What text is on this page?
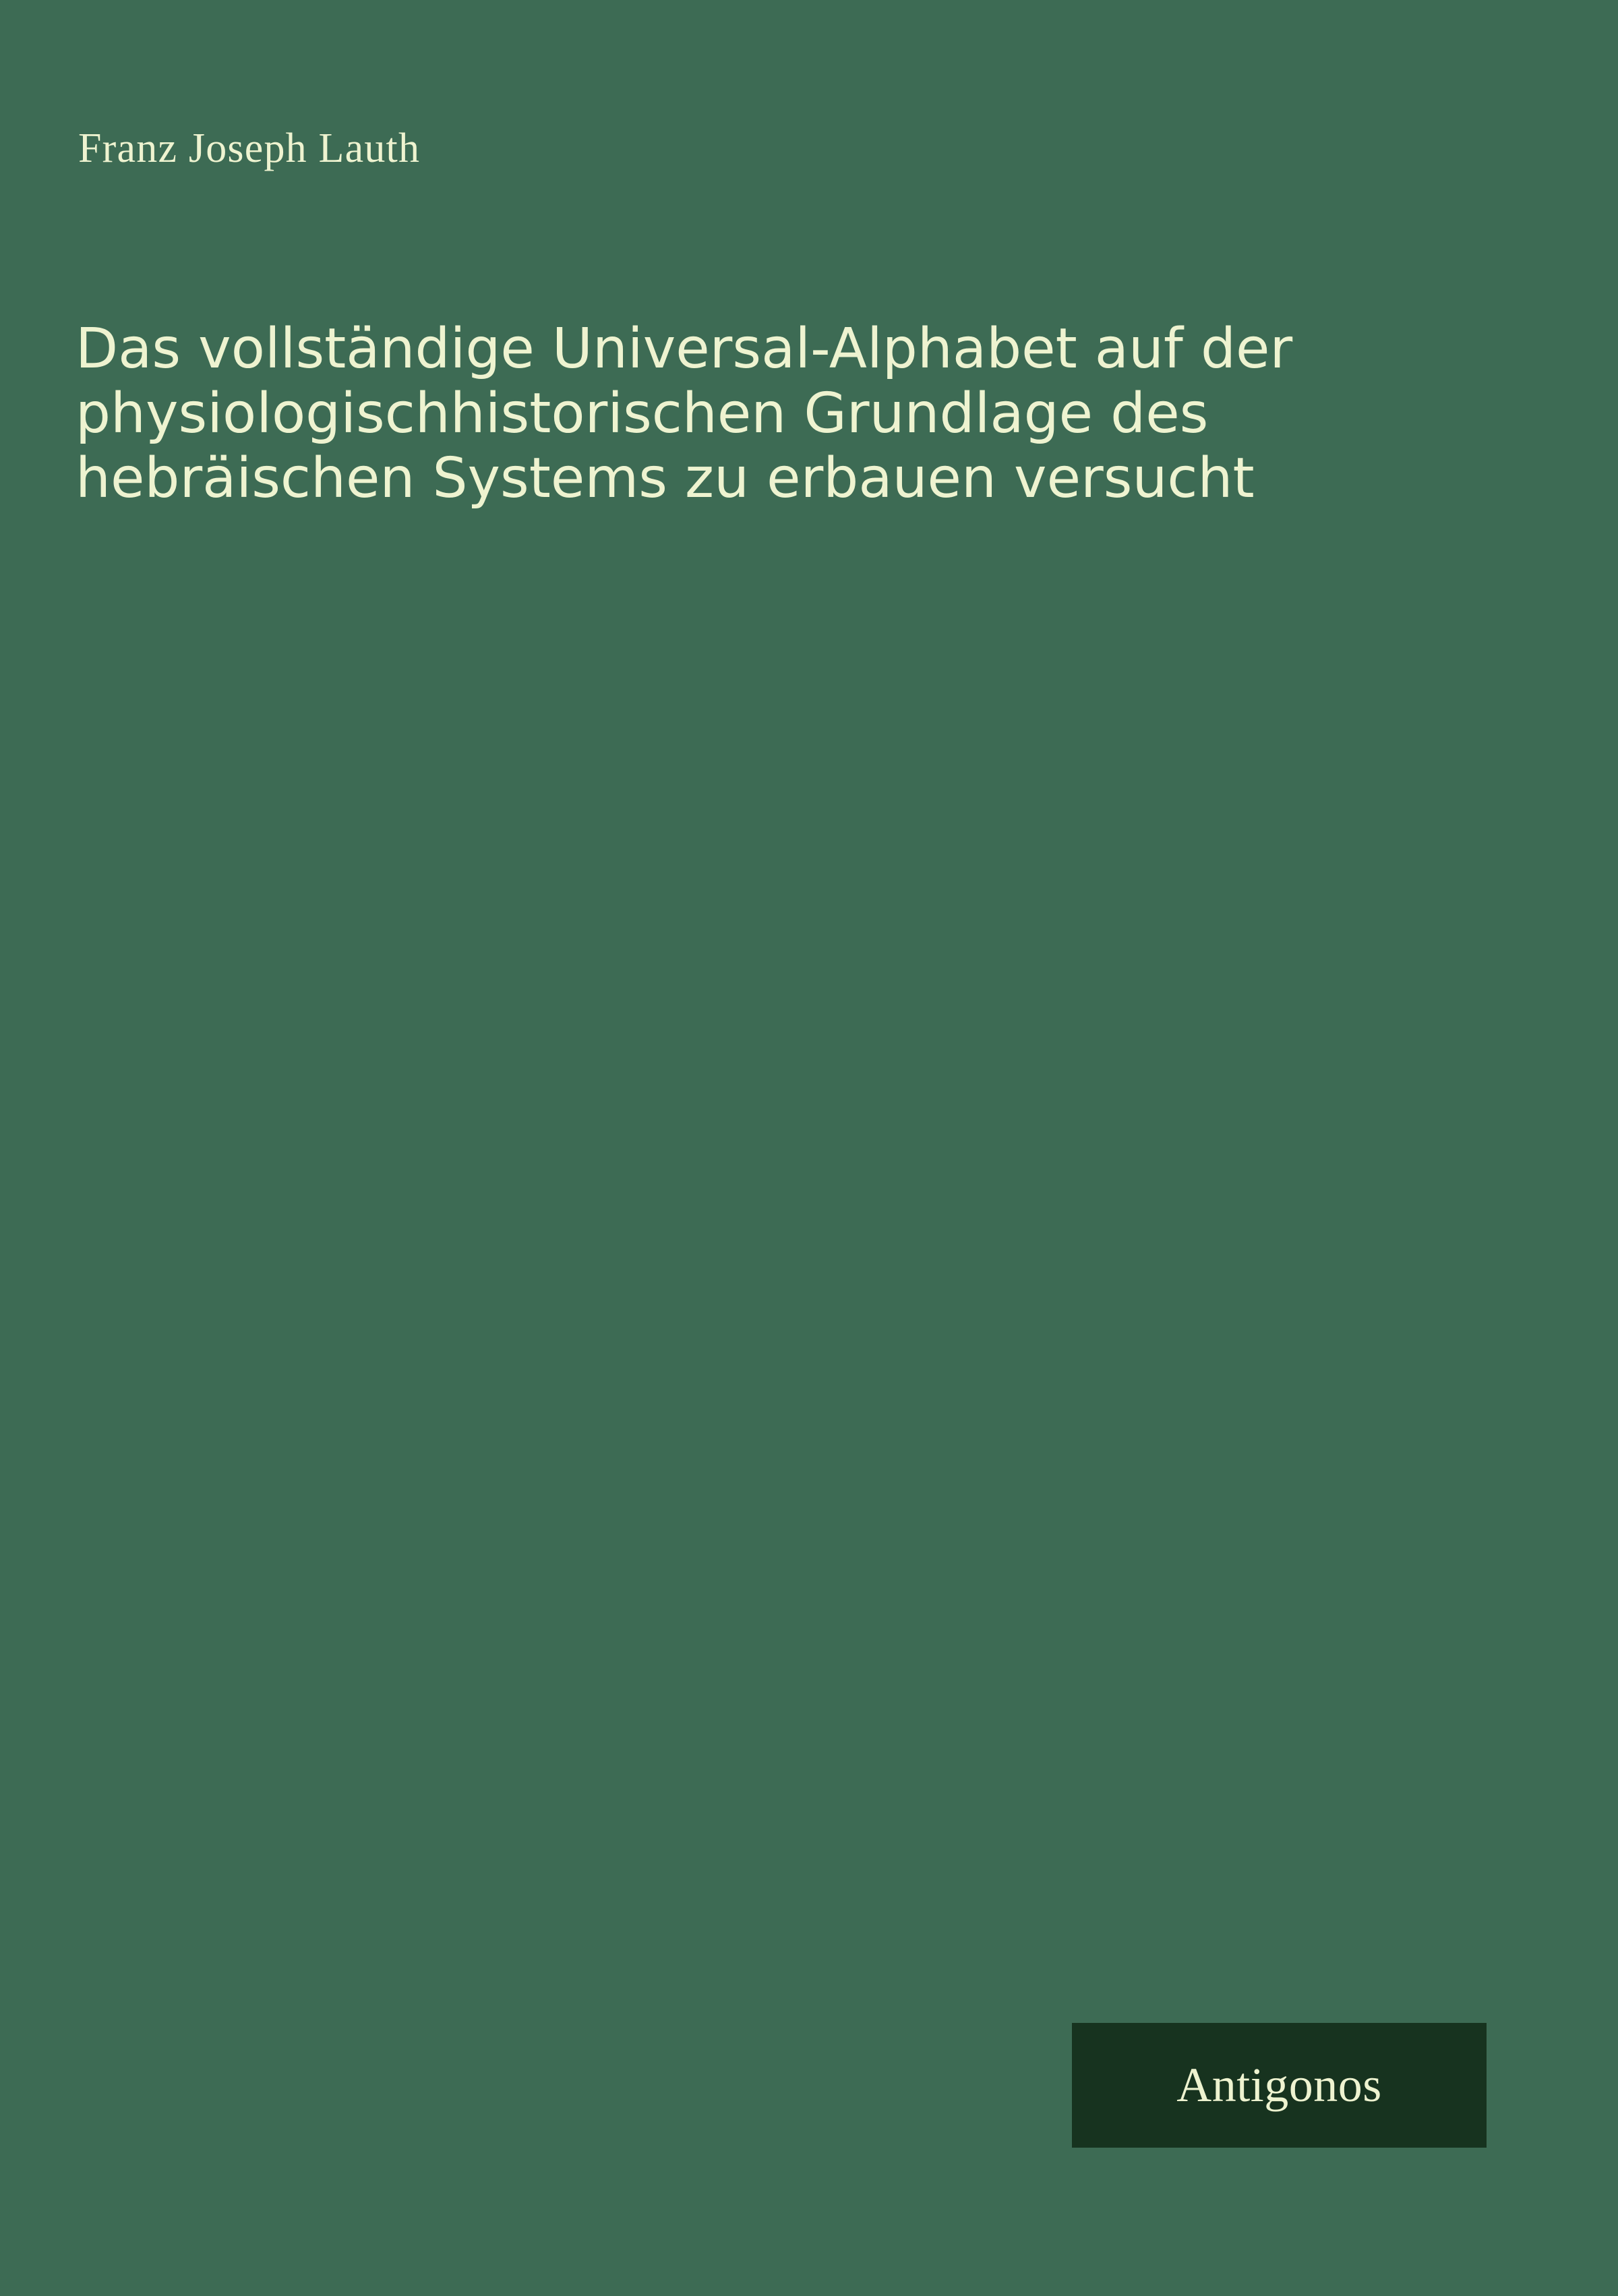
Franz Joseph Lauth
Das vollständige Universal-Alphabet auf der physiologischhistorischen Grundlage des hebräischen Systems zu erbauen versucht
Antigonos
